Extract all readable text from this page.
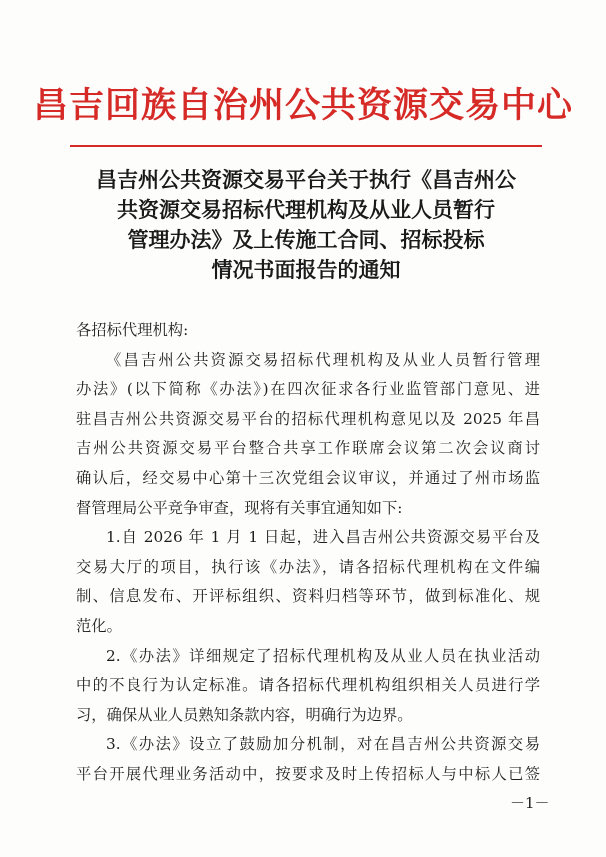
昌吉回族自治州公共资源交易中心
昌吉州公共资源交易平台关于执行《昌吉州公
共资源交易招标代理机构及从业人员暂行
管理办法》及上传施工合同、招标投标
情况书面报告的通知
各招标代理机构:
《昌吉州公共资源交易招标代理机构及从业人员暂行管理
办法》(以下简称《办法》)在四次征求各行业监管部门意见、进
驻昌吉州公共资源交易平台的招标代理机构意见以及 2025 年昌
吉州公共资源交易平台整合共享工作联席会议第二次会议商讨
确认后，经交易中心第十三次党组会议审议，并通过了州市场监
督管理局公平竞争审查，现将有关事宜通知如下:
1.自 2026 年 1 月 1 日起，进入昌吉州公共资源交易平台及
交易大厅的项目，执行该《办法》，请各招标代理机构在文件编
制、信息发布、开评标组织、资料归档等环节，做到标准化、规
范化。
2.《办法》详细规定了招标代理机构及从业人员在执业活动
中的不良行为认定标准。请各招标代理机构组织相关人员进行学
习，确保从业人员熟知条款内容，明确行为边界。
3.《办法》设立了鼓励加分机制，对在昌吉州公共资源交易
平台开展代理业务活动中，按要求及时上传招标人与中标人已签
－1－
